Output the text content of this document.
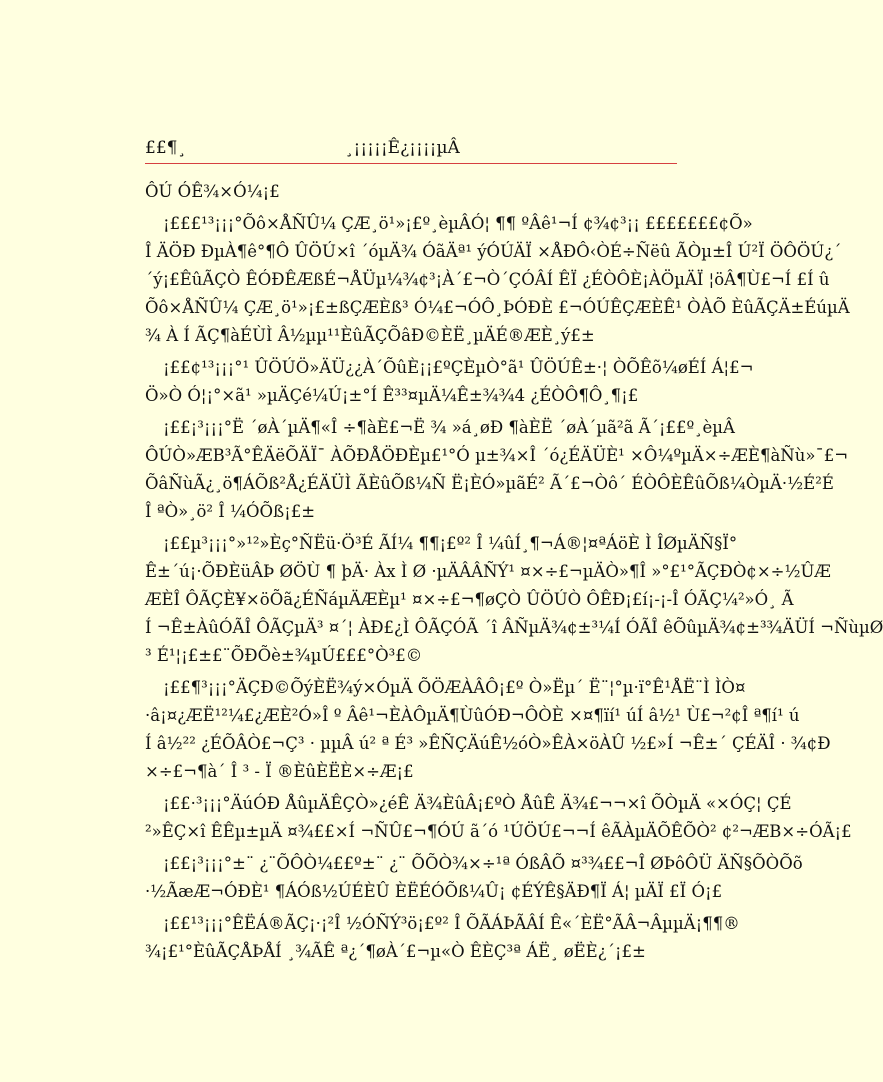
££¶¸	¸¡¡¡¡¡Ê¿¡¡¡¡µÂ

ÔÚ ÓÊ¾×Ó¼¡£

¡£££¹³¡¡¡°Õô×ÅÑÛ¼ ÇÆ¸ö¹»¡£º¸èµÂÓ¦ ¶¶ ºÂê¹¬Í ¢¾¢³¡¡ £££££££¢Õ»
Î ÄÖÐ ÐµÀ¶ê°¶Ô ÛÖÚ×î ´óµÄ¾ ÓãÄª¹ ýÓÚÄÏ ×ÅÐÔ‹ÒÉ÷Ñëû ÃÒµ±Î Ú²Ï ÖÔÖÚ¿´
´ý¡£ÊûÃÇÒ ÊÓÐÊÆßÉ¬ÅÜµ¼¾¢³¡À´£¬Ò´ÇÓÂÍ ÊÏ ¿ÉÒÔÈ¡ÀÖµÄÏ ¦öÂ¶Ù£¬Í £Í û
Õô×ÅÑÛ¼ ÇÆ¸ö¹»¡£±ßÇÆÈß³ Ó¼£¬ÓÔ¸ÞÓÐÈ £¬ÓÚÊÇÆÈÊ¹ ÒÀÕ ÈûÃÇÄ±ÉúµÄ
¾ À Í ÃÇ¶àÉÙÌ Â½µµ¹¹ÈûÃÇÕâÐ©ÈË¸µÄÉ®ÆÈ¸ý£±

¡££¢¹³¡¡¡°¹ ÛÖÚÖ»ÄÜ¿¿À´ÕûÈ¡¡£ºÇÈµÒ°ã¹ ÛÖÚÊ±·¦ ÒÕÊõ¼øÉÍ Á¦£¬
Ö»Ò Ó¦¡°×ã¹ »µÄÇé¼Ú¡±°Í Ê³³¤µÄ¼Ê±¾¾4 ¿ÉÒÔ¶Ô¸¶¡£

¡££¡³¡¡¡°Ë ´øÀ´µÄ¶«Î ÷¶àÈ£¬Ë ¾ »á¸øÐ ¶àÈË ´øÀ´µã²ã Ã´¡££º¸èµÂ
ÔÚÒ»ÆB³Ã°ÊÄëÕÄÏ¯ ÀÕÐÅÖÐÈµ£¹°Ó µ±¾×Î ´ó¿ÉÄÜÈ¹ ×Ô¼ºµÄ×÷ÆÈ¶àÑù»¯£¬
ÕâÑùÃ¿¸ö¶ÁÕß²Å¿ÉÄÜÌ ÃÈûÕß¼Ñ Ë¡ÈÓ»µãÉ² Ã´£¬Òô´ ÉÒÔÈÊûÕß¼ÒµÄ·½É²É
Î ªÒ»¸ö² Î ¼ÓÕß¡£±

¡££µ³¡¡¡°»¹²»Èç°ÑËü·Ö³É ÃÍ¼ ¶¶¡£º² Î ¼ûÍ¸¶¬Á®¦¤ªÁöÈ Ì ÎØµÄÑ§Ï°
Ê±´ú¡·ÕÐÈüÂÞ ØÖÙ ¶ þÄ· Àx Ì Ø ·µÄÂÂÑÝ¹ ¤×÷£¬µÄÒ»¶Î »°£¹°ÃÇÐÒ¢×÷½ÛÆ
ÆÈÎ ÔÃÇÈ¥×öÕã¿ÉÑáµÄÆÈµ¹ ¤×÷£¬¶øÇÒ ÛÖÚÒ ÔÊÐ¡£í¡-¡-Î ÓÃÇ¼²»Ó¸ Ã
Í ¬Ê±ÀûÓÃÎ ÔÃÇµÄ³ ¤´¦ ÀÐ£¿Ì ÔÃÇÓÃ ´î ÂÑµÄ¾¢±³¼Í ÓÃÎ êÕûµÄ¾¢±³¾ÄÜÍ ¬ÑùµØ
³ É¹¦¡£±£¨ÕÐÕè±¾µÚ£££°Ò³£©

¡££¶³¡¡¡°ÄÇÐ©ÕýÈË¾ý×ÓµÄ ÕÖÆÀÂÔ¡£º Ò»Ëµ´ Ë¨¦°µ·ï°Ê¹ÅË¨Ì ÌÒ¤
·â¡¤¿ÆË¹²¼£¿ÆÈ²Ó»Î º Âê¹¬ÈÀÔµÄ¶ÙûÓÐ¬ÔÒÈ ×¤¶ïí¹ úÍ â½¹ Ù£¬²¢Î ª¶í¹ ú
Í â½²² ¿ÉÕÂÒ£¬Ç³ · µµÂ ú² ª É³ »ÊÑÇÄúÊ½óÒ»ÊÀ×öÀÛ ½£»Í ¬Ê±´ ÇÉÄÎ · ¾¢Ð
×÷£¬¶à´ Î ³ - Ï ®ÈûÈËÈ×÷Æ¡£

¡££·³¡¡¡°ÄúÓÐ ÅûµÄÊÇÒ»¿éÊ Ä¾ÈûÂ¡£ºÒ ÅûÊ Ä¾£¬¬×î ÕÒµÄ «×ÓÇ¦ ÇÉ
²»ÊÇ×î ÊÊµ±µÄ ¤¾££×Í ¬ÑÛ£¬¶ÓÚ ã´ó ¹ÚÖÚ£¬¬Í êÃÀµÄÕÊÕÒ² ¢²¬ÆB×÷ÓÃ¡£

¡££¡³¡¡¡°±¨ ¿¨ÕÔÒ¼££º±¨ ¿¨ ÕÕÒ¾×÷¹ª ÓßÂÕ ¤³¾££¬Î ØÞôÔÜ ÄÑ§ÕÒÕõ
·½ÃæÆ¬ÓÐÈ¹ ¶ÁÓß½ÚÉÈÛ ÈËÉÓÕß¼Û¡ ¢ÉÝÊ§ÄÐ¶Ï Á¦ µÄÏ £Ï Ó¡£

¡££¹³¡¡¡°ÊËÁ®ÃÇ¡·¡²Î ½ÓÑÝ³ö¡£º² Î ÕÃÁÞÃÂÍ Ê«´ÈË°ÃÂ¬ÂµµÄ¡¶¶®
¾¡£¹°ÈûÃÇÅÞÅÍ ¸¾ÃÊ ª¿´¶øÀ´£¬µ«Ò ÊÈÇ³ª ÁË¸ øËÈ¿´¡£±
